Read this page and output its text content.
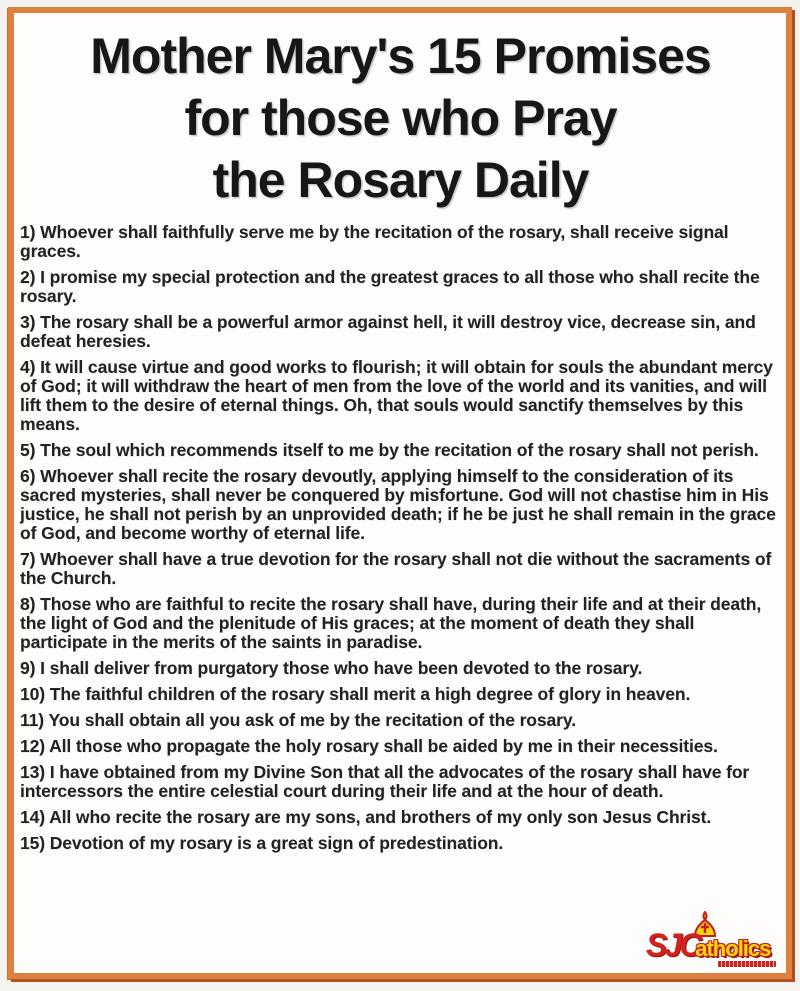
Mother Mary's 15 Promises
for those who Pray
the Rosary Daily

1) Whoever shall faithfully serve me by the recitation of the rosary, shall receive signal graces.

2) I promise my special protection and the greatest graces to all those who shall recite the rosary.

3) The rosary shall be a powerful armor against hell, it will destroy vice, decrease sin, and defeat heresies.

4) It will cause virtue and good works to flourish; it will obtain for souls the abundant mercy of God; it will withdraw the heart of men from the love of the world and its vanities, and will lift them to the desire of eternal things. Oh, that souls would sanctify themselves by this means.

5) The soul which recommends itself to me by the recitation of the rosary shall not perish.

6) Whoever shall recite the rosary devoutly, applying himself to the consideration of its sacred mysteries, shall never be conquered by misfortune. God will not chastise him in His justice, he shall not perish by an unprovided death; if he be just he shall remain in the grace of God, and become worthy of eternal life.

7) Whoever shall have a true devotion for the rosary shall not die without the sacraments of the Church.

8) Those who are faithful to recite the rosary shall have, during their life and at their death, the light of God and the plenitude of His graces; at the moment of death they shall participate in the merits of the saints in paradise.

9) I shall deliver from purgatory those who have been devoted to the rosary.

10) The faithful children of the rosary shall merit a high degree of glory in heaven.

11) You shall obtain all you ask of me by the recitation of the rosary.

12) All those who propagate the holy rosary shall be aided by me in their necessities.

13) I have obtained from my Divine Son that all the advocates of the rosary shall have for intercessors the entire celestial court during their life and at the hour of death.

14) All who recite the rosary are my sons, and brothers of my only son Jesus Christ.

15) Devotion of my rosary is a great sign of predestination.

SJCatholics
